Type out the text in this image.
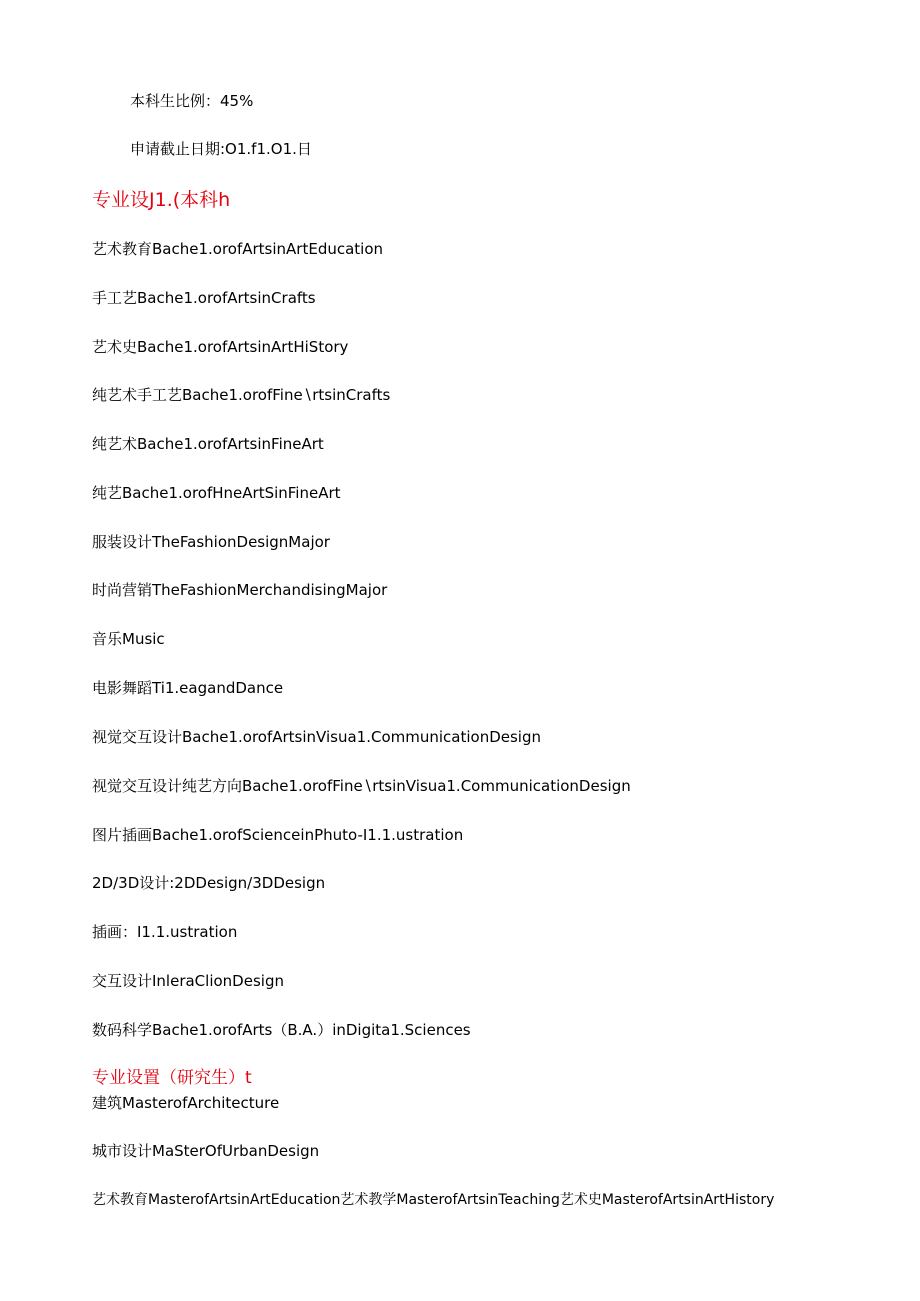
本科生比例：45%
申请截止日期:O1.f1.O1.日
专业设J1.(本科h
艺术教育Bache1.orofArtsinArtEducation
手工艺Bache1.orofArtsinCrafts
艺术史Bache1.orofArtsinArtHiStory
纯艺术手工艺Bache1.orofFine∖rtsinCrafts
纯艺术Bache1.orofArtsinFineArt
纯艺Bache1.orofHneArtSinFineArt
服装设计TheFashionDesignMajor
时尚营销TheFashionMerchandisingMajor
音乐Music
电影舞蹈Ti1.eagandDance
视觉交互设计Bache1.orofArtsinVisua1.CommunicationDesign
视觉交互设计纯艺方向Bache1.orofFine∖rtsinVisua1.CommunicationDesign
图片插画Bache1.orofScienceinPhuto-I1.1.ustration
2D∕3D设计:2DDesign∕3DDesign
插画：I1.1.ustration
交互设计InleraClionDesign
数码科学Bache1.orofArts（B.A.）inDigita1.Sciences
专业设置（研究生）t
建筑MasterofArchitecture
城市设计MaSterOfUrbanDesign
艺术教育MasterofArtsinArtEducation艺术教学MasterofArtsinTeaching艺术史MasterofArtsinArtHistory
